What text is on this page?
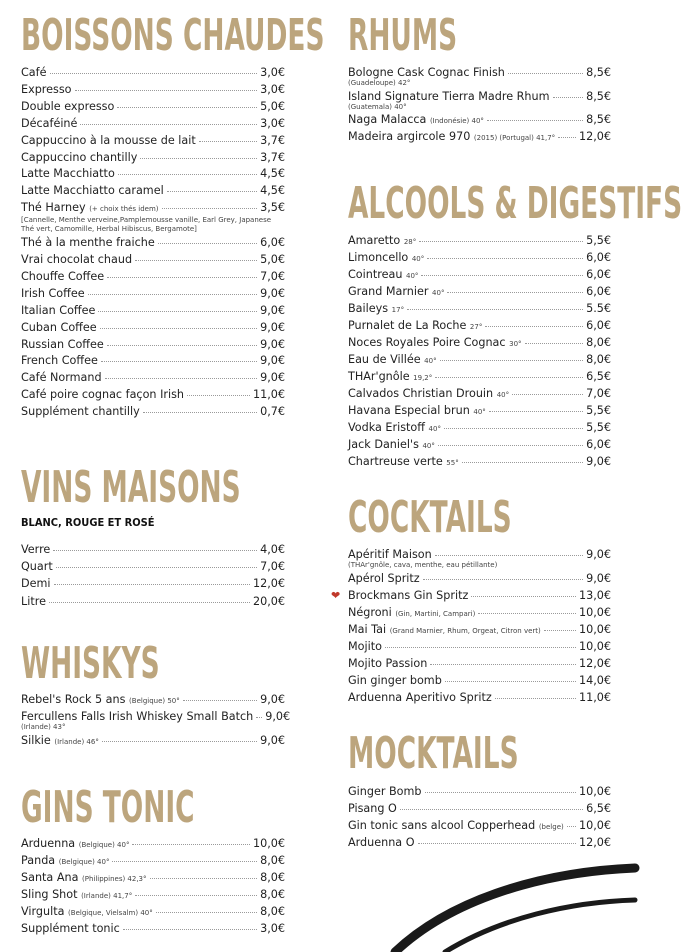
BOISSONS CHAUDES
Café	3,0€
Expresso	3,0€
Double expresso	5,0€
Décaféiné	3,0€
Cappuccino à la mousse de lait	3,7€
Cappuccino chantilly	3,7€
Latte Macchiatto	4,5€
Latte Macchiatto caramel	4,5€
Thé Harney (+ choix thés idem)	3,5€
[Cannelle, Menthe verveine,Pamplemousse vanille, Earl Grey, Japanese Thé vert, Camomille, Herbal Hibiscus, Bergamote]
Thé à la menthe fraiche	6,0€
Vrai chocolat chaud	5,0€
Chouffe Coffee	7,0€
Irish Coffee	9,0€
Italian Coffee	9,0€
Cuban Coffee	9,0€
Russian Coffee	9,0€
French Coffee	9,0€
Café Normand	9,0€
Café poire cognac façon Irish	11,0€
Supplément chantilly	0,7€
VINS MAISONS
BLANC, ROUGE ET ROSÉ
Verre	4,0€
Quart	7,0€
Demi	12,0€
Litre	20,0€
WHISKYS
Rebel's Rock 5 ans (Belgique) 50°	9,0€
Fercullens Falls Irish Whiskey Small Batch 9,0€
(Irlande) 43°
Silkie (Irlande) 46°	9,0€
GINS TONIC
Arduenna (Belgique) 40°	10,0€
Panda (Belgique) 40°	8,0€
Santa Ana (Philippines) 42,3°	8,0€
Sling Shot (Irlande) 41,7°	8,0€
Virgulta (Belgique, Vielsalm) 40°	8,0€
Supplément tonic	3,0€
RHUMS
Bologne Cask Cognac Finish	8,5€
(Guadeloupe) 42°
Island Signature Tierra Madre Rhum	8,5€
(Guatemala) 40°
Naga Malacca (Indonésie) 40°	8,5€
Madeira argircole 970 (2015) (Portugal) 41,7° 12,0€
ALCOOLS & DIGESTIFS
Amaretto 28°	5,5€
Limoncello 40°	6,0€
Cointreau 40°	6,0€
Grand Marnier 40°	6,0€
Baileys 17°	5.5€
Purnalet de La Roche 27°	6,0€
Noces Royales Poire Cognac 30°	8,0€
Eau de Villée 40°	8,0€
THAr'gnôle 19,2°	6,5€
Calvados Christian Drouin 40°	7,0€
Havana Especial brun 40°	5,5€
Vodka Eristoff 40°	5,5€
Jack Daniel's 40°	6,0€
Chartreuse verte 55°	9,0€
COCKTAILS
Apéritif Maison	9,0€
(THAr'gnôle, cava, menthe, eau pétillante)
Apérol Spritz	9,0€
❤ Brockmans Gin Spritz	13,0€
Négroni (Gin, Martini, Campari)	10,0€
Mai Tai (Grand Marnier, Rhum, Orgeat, Citron vert)	10,0€
Mojito	10,0€
Mojito Passion	12,0€
Gin ginger bomb	14,0€
Arduenna Aperitivo Spritz	11,0€
MOCKTAILS
Ginger Bomb	10,0€
Pisang O	6,5€
Gin tonic sans alcool Copperhead (belge) 10,0€
Arduenna O	12,0€
